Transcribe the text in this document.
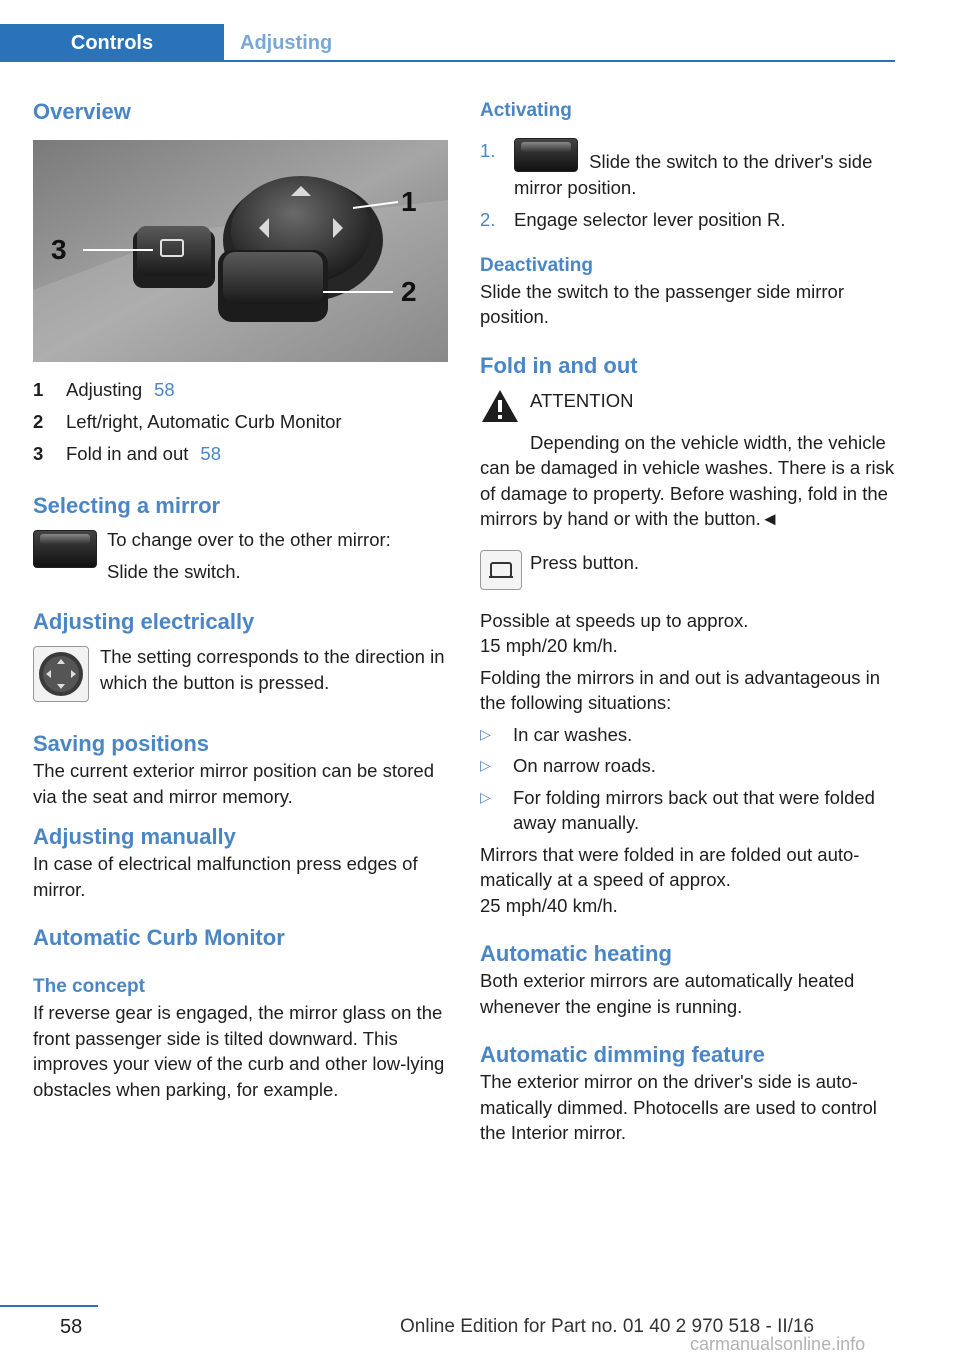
Controls	Adjusting
Overview
1
2
3
1	Adjusting 58
2	Left/right, Automatic Curb Monitor
3	Fold in and out 58
Selecting a mirror

To change over to the other mirror:

Slide the switch.

Adjusting electrically

The setting corresponds to the direction in which the button is pressed.

Saving positions

The current exterior mirror position can be stored via the seat and mirror memory.

Adjusting manually

In case of electrical malfunction press edges of mirror.

Automatic Curb Monitor
The concept

If reverse gear is engaged, the mirror glass on the front passenger side is tilted downward. This improves your view of the curb and other low-lying obstacles when parking, for example.

Activating
1.
Slide the switch to the driver's side mirror position.
2.	Engage selector lever position R.
Deactivating

Slide the switch to the passenger side mirror position.

Fold in and out

ATTENTION

Depending on the vehicle width, the vehicle can be damaged in vehicle washes. There is a risk of damage to property. Before washing, fold in the mirrors by hand or with the button.◄

Press button.

Possible at speeds up to approx.

15 mph/20 km/h.

Folding the mirrors in and out is advantageous in the following situations:

▷	In car washes.
▷	On narrow roads.
▷	For folding mirrors back out that were folded away manually.

Mirrors that were folded in are folded out automatically at a speed of approx.

25 mph/40 km/h.

Automatic heating

Both exterior mirrors are automatically heated whenever the engine is running.

Automatic dimming feature

The exterior mirror on the driver's side is automatically dimmed. Photocells are used to control the Interior mirror.

58	Online Edition for Part no. 01 40 2 970 518 - II/16
carmanualsonline.info
